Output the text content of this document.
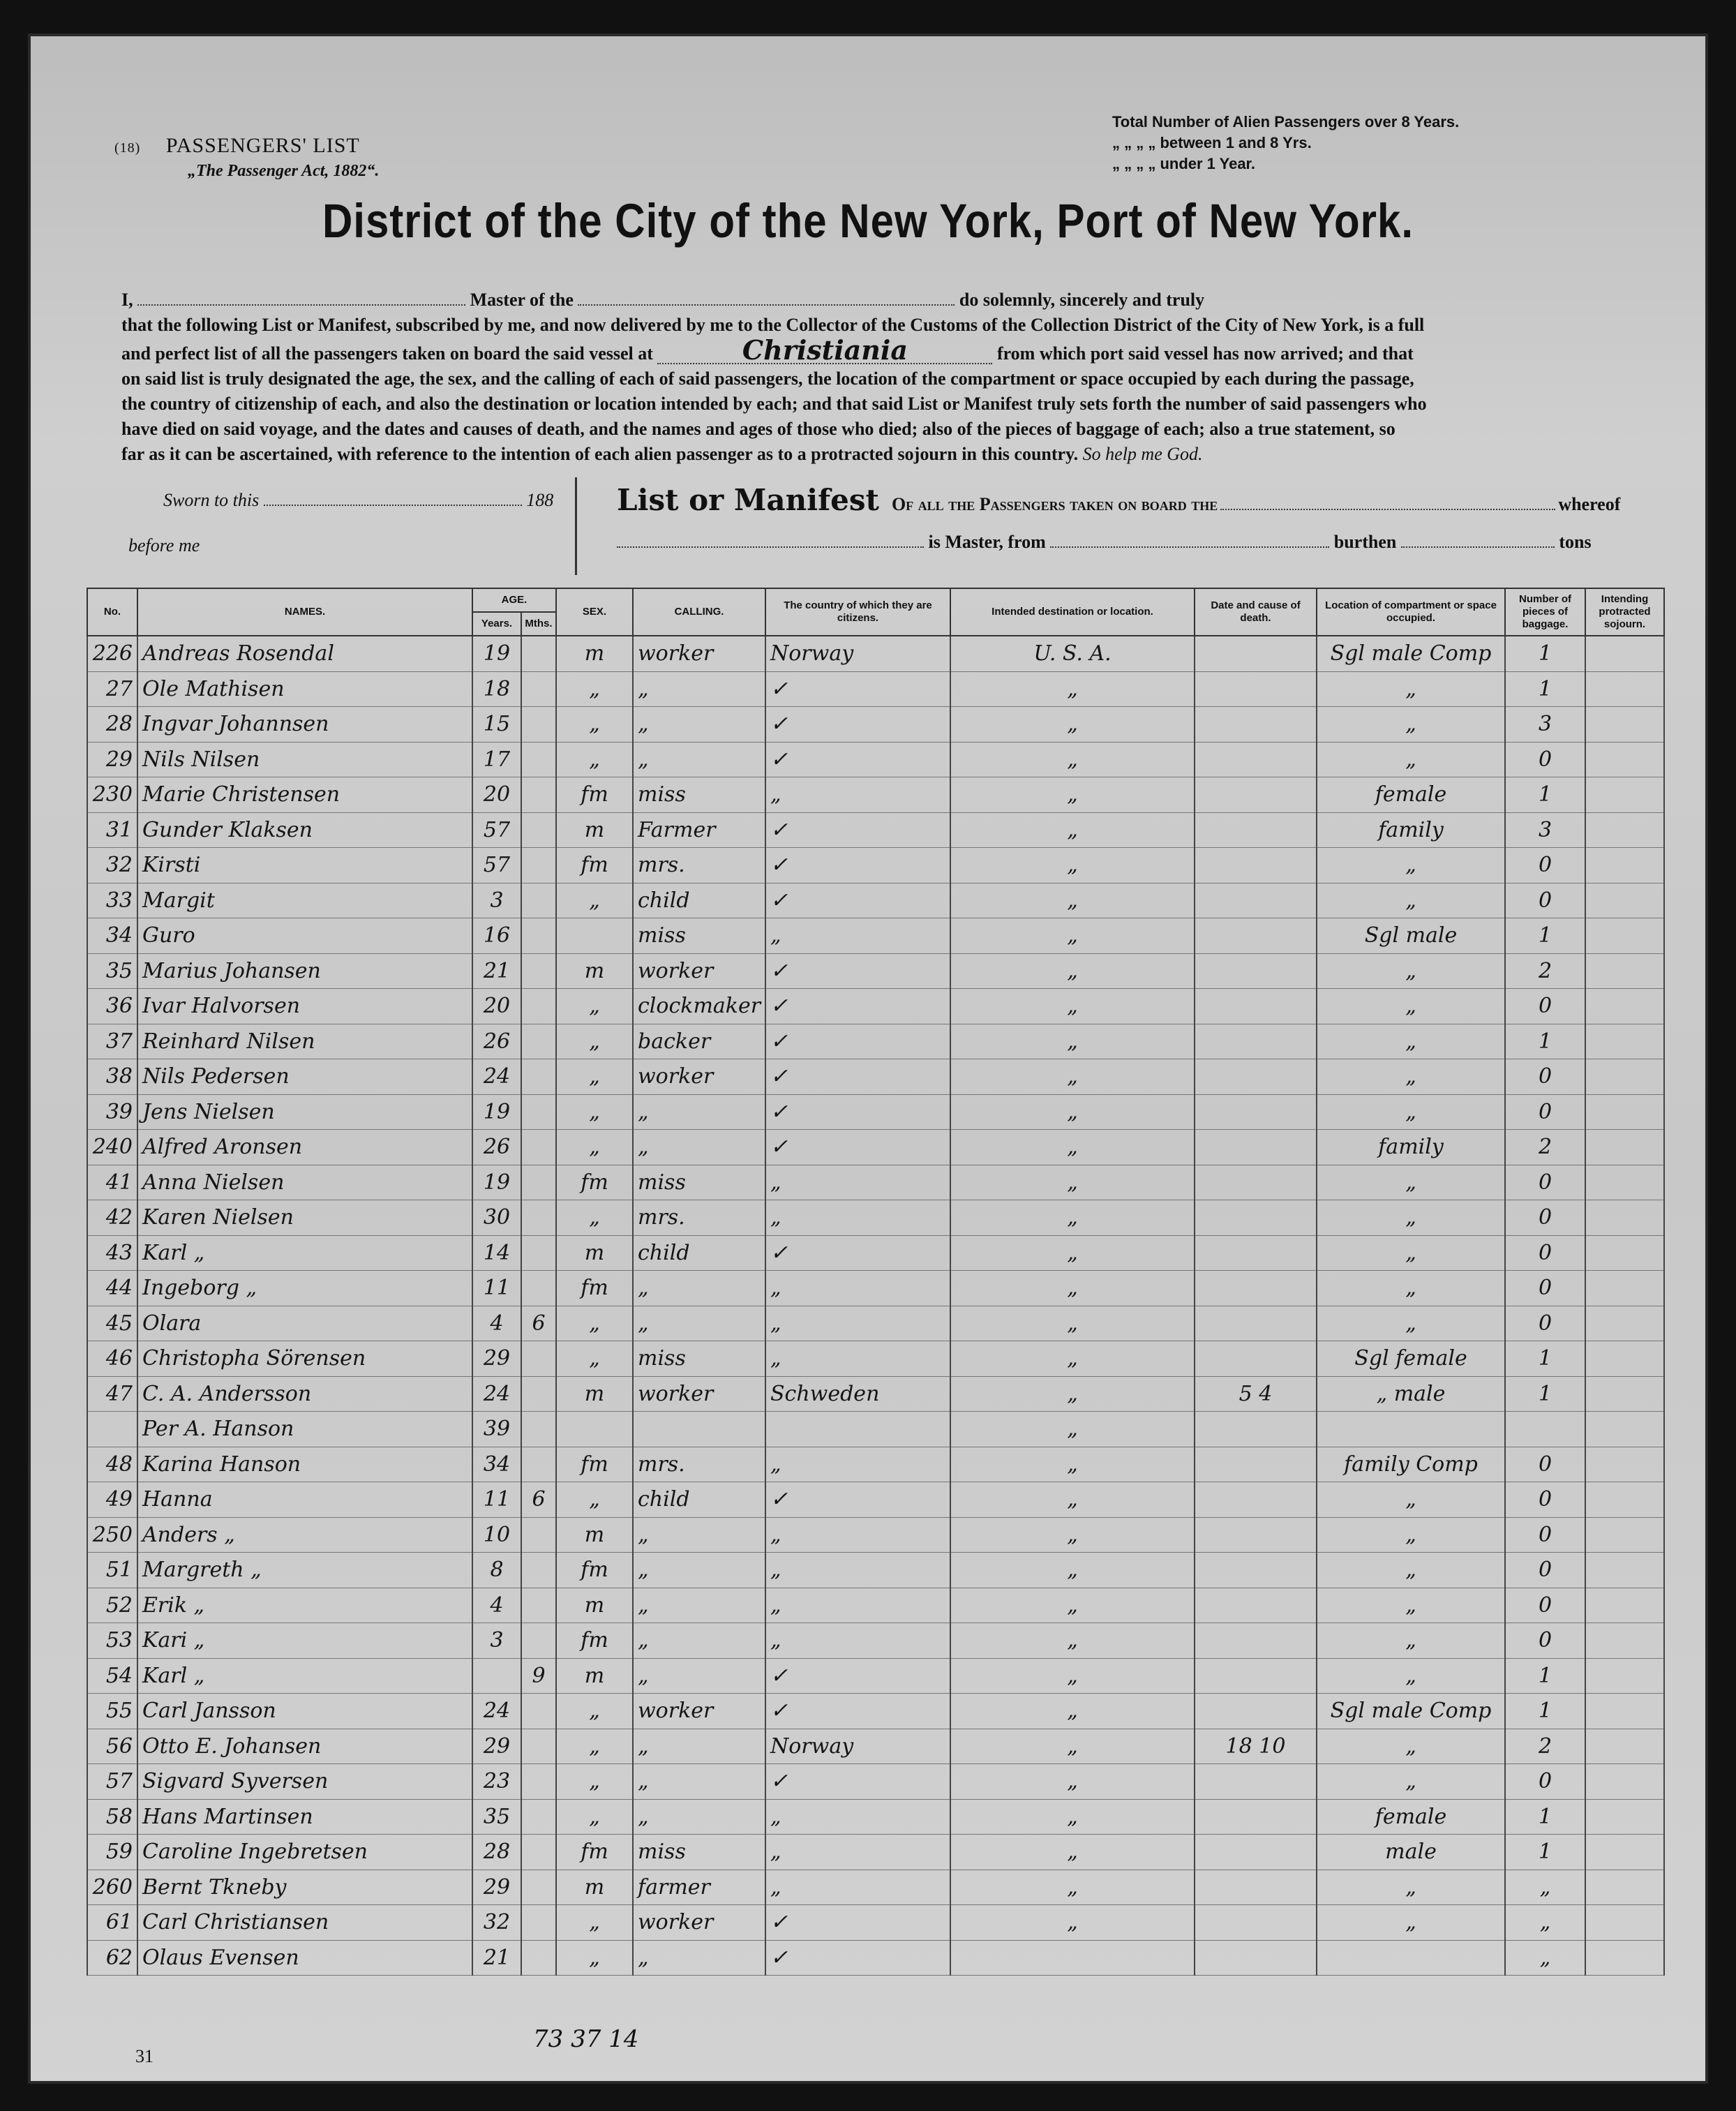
(18) PASSENGERS' LIST
„The Passenger Act, 1882“.
Total Number of Alien Passengers over 8 Years.
„ „ „ „ between 1 and 8 Yrs.
„ „ „ „ under 1 Year.
District of the City of the New York, Port of New York.
I,	Master of the	do solemnly, sincerely and truly
that the following List or Manifest, subscribed by me, and now delivered by me to the Collector of the Customs of the Collection District of the City of New York, is a full
and perfect list of all the passengers taken on board the said vessel at	Christiania	from which port said vessel has now arrived; and that
on said list is truly designated the age, the sex, and the calling of each of said passengers, the location of the compartment or space occupied by each during the passage,
the country of citizenship of each, and also the destination or location intended by each; and that said List or Manifest truly sets forth the number of said passengers who
have died on said voyage, and the dates and causes of death, and the names and ages of those who died; also of the pieces of baggage of each; also a true statement, so
far as it can be ascertained, with reference to the intention of each alien passenger as to a protracted sojourn in this country. So help me God.
Sworn to this	188
before me
List or Manifest Of all the Passengers taken on board the	whereof
is Master, from	burthen	tons
No.	NAMES.	AGE.		SEX.	CALLING.	The country of which they are citizens.	Intended destination or location.	Date and cause of death.	Location of compartment or space occupied.	Number of pieces of baggage.	Intending protracted sojourn.
		Years.	Mths.								
226	Andreas Rosendal	19		m	worker	Norway	U. S. A.		Sgl male Comp	1	
27	Ole Mathisen	18		„	„	✓	„		„	1	
28	Ingvar Johannsen	15		„	„	✓	„		„	3	
29	Nils Nilsen	17		„	„	✓	„		„	0	
230	Marie Christensen	20		fm	miss	„	„		female	1	
31	Gunder Klaksen	57		m	Farmer	✓	„		family	3	
32	Kirsti	57		fm	mrs.	✓	„		„	0	
33	Margit	3		„	child	✓	„		„	0	
34	Guro	16			miss	„	„		Sgl male	1	
35	Marius Johansen	21		m	worker	✓	„		„	2	
36	Ivar Halvorsen	20		„	clockmaker	✓	„		„	0	
37	Reinhard Nilsen	26		„	backer	✓	„		„	1	
38	Nils Pedersen	24		„	worker	✓	„		„	0	
39	Jens Nielsen	19		„	„	✓	„		„	0	
240	Alfred Aronsen	26		„	„	✓	„		family	2	
41	Anna Nielsen	19		fm	miss	„	„		„	0	
42	Karen Nielsen	30		„	mrs.	„	„		„	0	
43	Karl „	14		m	child	✓	„		„	0	
44	Ingeborg „	11		fm	„	„	„		„	0	
45	Olara	4	6	„	„	„	„		„	0	
46	Christopha Sörensen	29		„	miss	„	„		Sgl female	1	
47	C. A. Andersson	24		m	worker	Schweden	„	5 4	„ male	1	
	Per A. Hanson	39					„				
48	Karina Hanson	34		fm	mrs.	„	„		family Comp	0	
49	Hanna	11	6	„	child	✓	„		„	0	
250	Anders „	10		m	„	„	„		„	0	
51	Margreth „	8		fm	„	„	„		„	0	
52	Erik „	4		m	„	„	„		„	0	
53	Kari „	3		fm	„	„	„		„	0	
54	Karl „		9	m	„	✓	„		„	1	
55	Carl Jansson	24		„	worker	✓	„		Sgl male Comp	1	
56	Otto E. Johansen	29		„	„	Norway	„	18 10	„	2	
57	Sigvard Syversen	23		„	„	✓	„		„	0	
58	Hans Martinsen	35		„	„	„	„		female	1	
59	Caroline Ingebretsen	28		fm	miss	„	„		male	1	
260	Bernt Tkneby	29		m	farmer	„	„		„	„	
61	Carl Christiansen	32		„	worker	✓	„		„	„	
62	Olaus Evensen	21		„	„	✓				„	
73 37 14
31
